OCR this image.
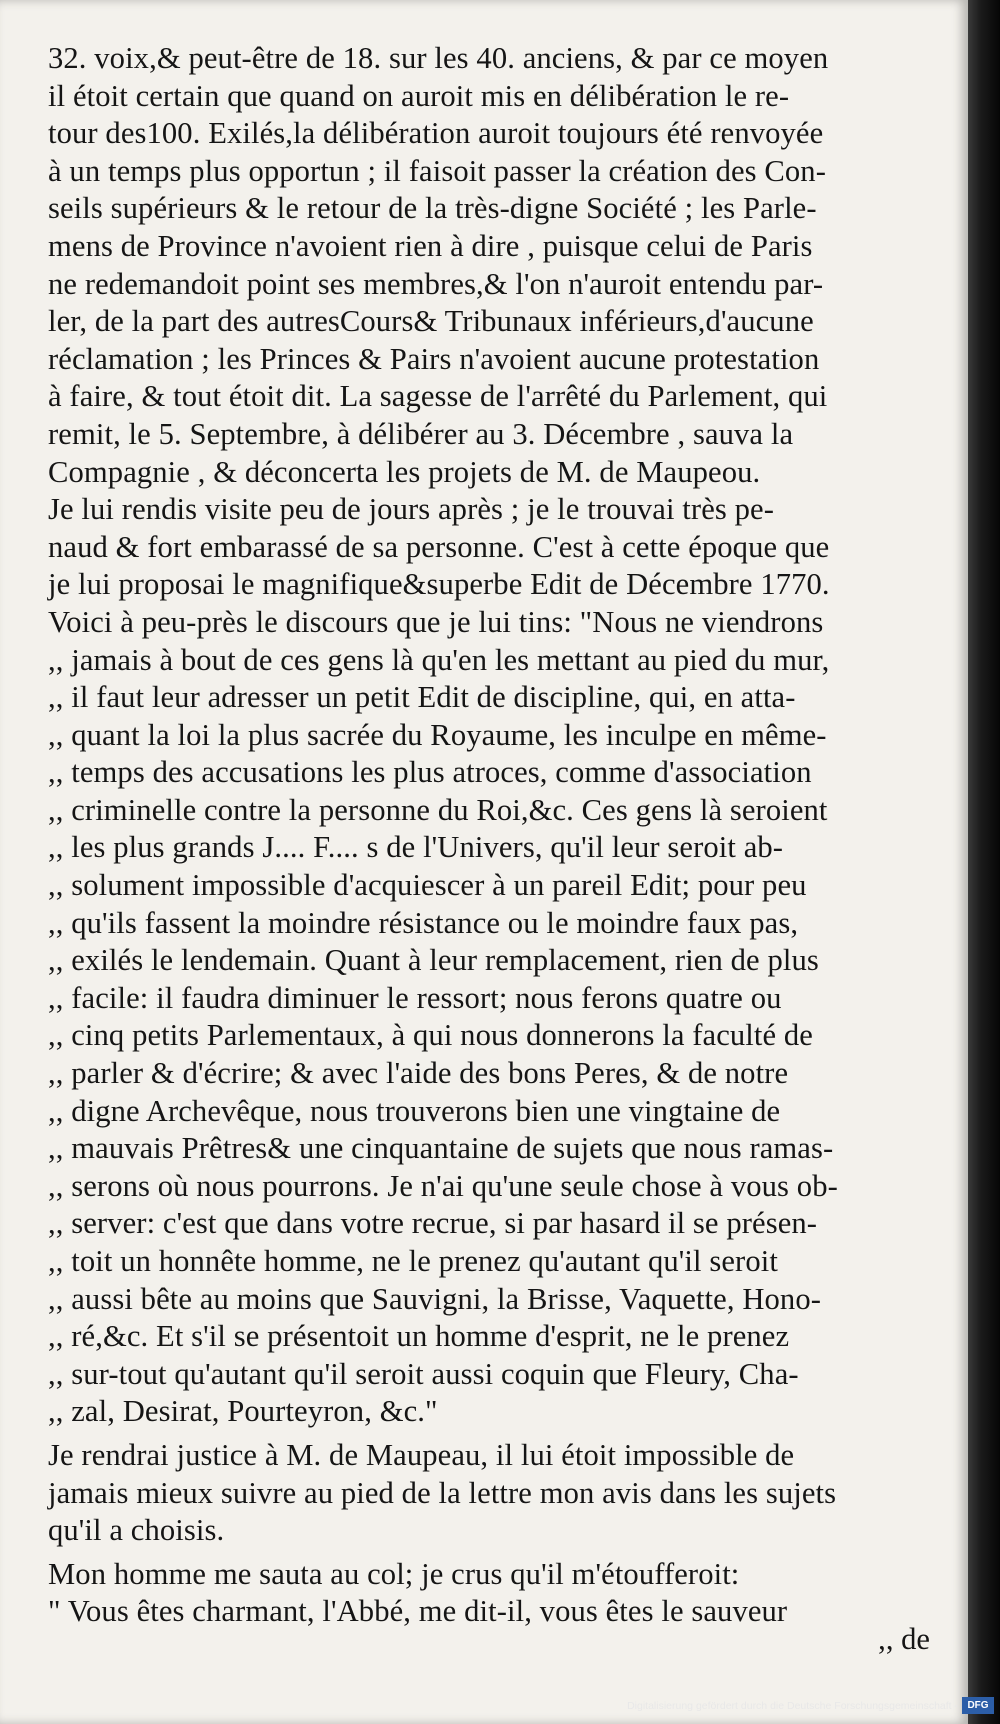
32. voix,& peut-être de 18. sur les 40. anciens, & par ce moyen
il étoit certain que quand on auroit mis en délibération le re-
tour des100. Exilés,la délibération auroit toujours été renvoyée
à un temps plus opportun ; il faisoit passer la création des Con-
seils supérieurs & le retour de la très-digne Société ; les Parle-
mens de Province n'avoient rien à dire , puisque celui de Paris
ne redemandoit point ses membres,& l'on n'auroit entendu par-
ler, de la part des autresCours& Tribunaux inférieurs,d'aucune
réclamation ; les Princes & Pairs n'avoient aucune protestation
à faire, & tout étoit dit. La sagesse de l'arrêté du Parlement, qui
remit, le 5. Septembre, à délibérer au 3. Décembre , sauva la
Compagnie , & déconcerta les projets de M. de Maupeou.
Je lui rendis visite peu de jours après ; je le trouvai très pe-
naud & fort embarassé de sa personne. C'est à cette époque que
je lui proposai le magnifique&superbe Edit de Décembre 1770.
Voici à peu-près le discours que je lui tins: "Nous ne viendrons
,, jamais à bout de ces gens là qu'en les mettant au pied du mur,
,, il faut leur adresser un petit Edit de discipline, qui, en atta-
,, quant la loi la plus sacrée du Royaume, les inculpe en même-
,, temps des accusations les plus atroces, comme d'association
,, criminelle contre la personne du Roi,&c. Ces gens là seroient
,, les plus grands J.... F.... s de l'Univers, qu'il leur seroit ab-
,, solument impossible d'acquiescer à un pareil Edit; pour peu
,, qu'ils fassent la moindre résistance ou le moindre faux pas,
,, exilés le lendemain. Quant à leur remplacement, rien de plus
,, facile: il faudra diminuer le ressort; nous ferons quatre ou
,, cinq petits Parlementaux, à qui nous donnerons la faculté de
,, parler & d'écrire; & avec l'aide des bons Peres, & de notre
,, digne Archevêque, nous trouverons bien une vingtaine de
,, mauvais Prêtres& une cinquantaine de sujets que nous ramas-
,, serons où nous pourrons. Je n'ai qu'une seule chose à vous ob-
,, server: c'est que dans votre recrue, si par hasard il se présen-
,, toit un honnête homme, ne le prenez qu'autant qu'il seroit
,, aussi bête au moins que Sauvigni, la Brisse, Vaquette, Hono-
,, ré,&c. Et s'il se présentoit un homme d'esprit, ne le prenez
,, sur-tout qu'autant qu'il seroit aussi coquin que Fleury, Cha-
,, zal, Desirat, Pourteyron, &c."
Je rendrai justice à M. de Maupeau, il lui étoit impossible de
jamais mieux suivre au pied de la lettre mon avis dans les sujets
qu'il a choisis.
Mon homme me sauta au col; je crus qu'il m'étoufferoit:
" Vous êtes charmant, l'Abbé, me dit-il, vous êtes le sauveur
,, de
Digitalisierung gefördert durch die Deutsche Forschungsgemeinschaft - DFG
